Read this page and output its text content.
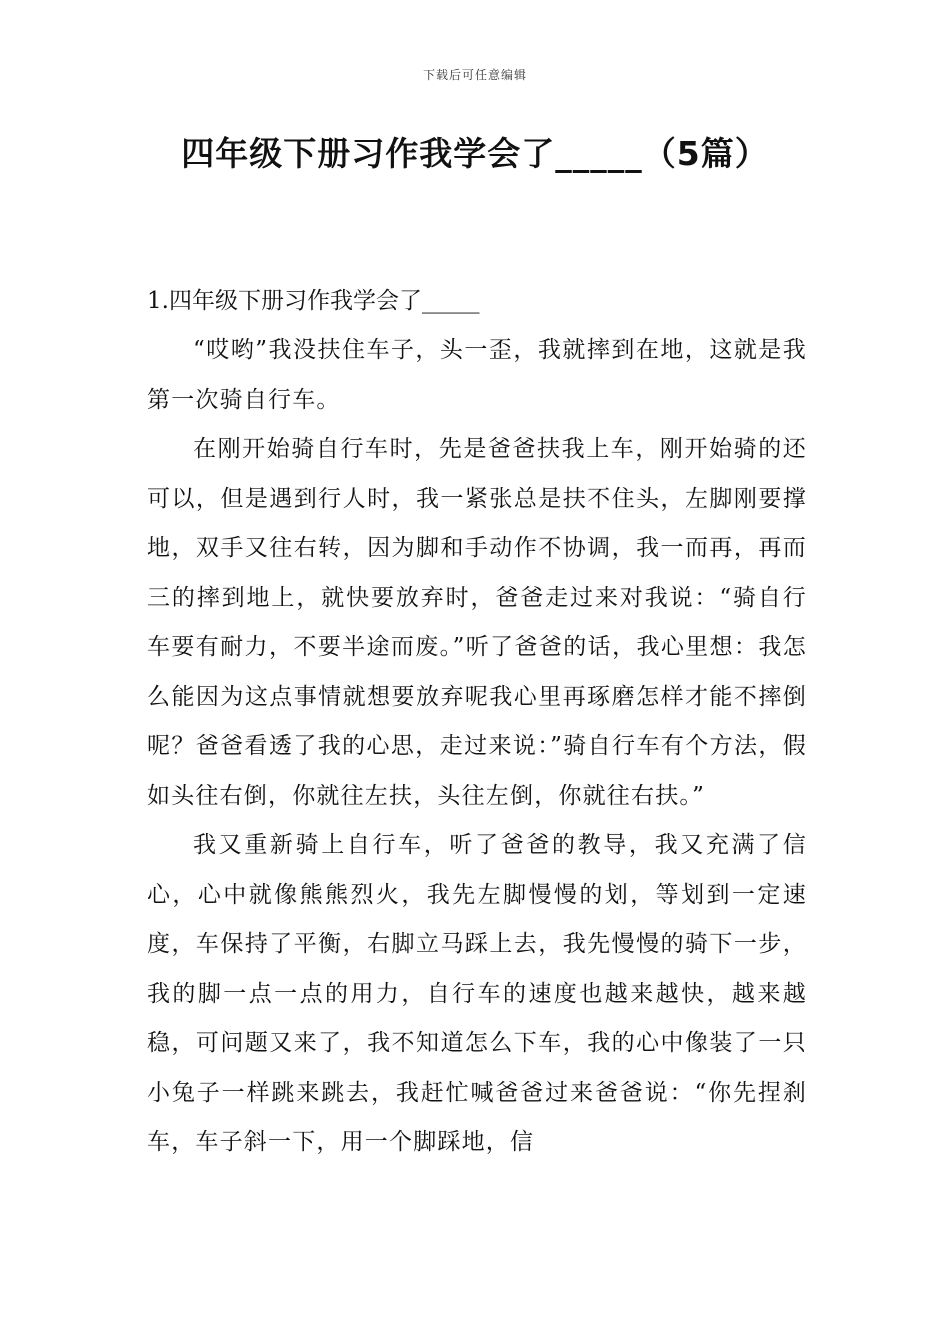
下载后可任意编辑
四年级下册习作我学会了_____（5篇）
1.四年级下册习作我学会了_____

“哎哟”我没扶住车子，头一歪，我就摔到在地，这就是我第一次骑自行车。

在刚开始骑自行车时，先是爸爸扶我上车，刚开始骑的还可以，但是遇到行人时，我一紧张总是扶不住头，左脚刚要撑地，双手又往右转，因为脚和手动作不协调，我一而再，再而三的摔到地上，就快要放弃时，爸爸走过来对我说：“骑自行车要有耐力，不要半途而废。”听了爸爸的话，我心里想：我怎么能因为这点事情就想要放弃呢我心里再琢磨怎样才能不摔倒呢？爸爸看透了我的心思，走过来说：”骑自行车有个方法，假如头往右倒，你就往左扶，头往左倒，你就往右扶。”

我又重新骑上自行车，听了爸爸的教导，我又充满了信心，心中就像熊熊烈火，我先左脚慢慢的划，等划到一定速度，车保持了平衡，右脚立马踩上去，我先慢慢的骑下一步，我的脚一点一点的用力，自行车的速度也越来越快，越来越稳，可问题又来了，我不知道怎么下车，我的心中像装了一只小兔子一样跳来跳去，我赶忙喊爸爸过来爸爸说：“你先捏刹车，车子斜一下，用一个脚踩地，信
